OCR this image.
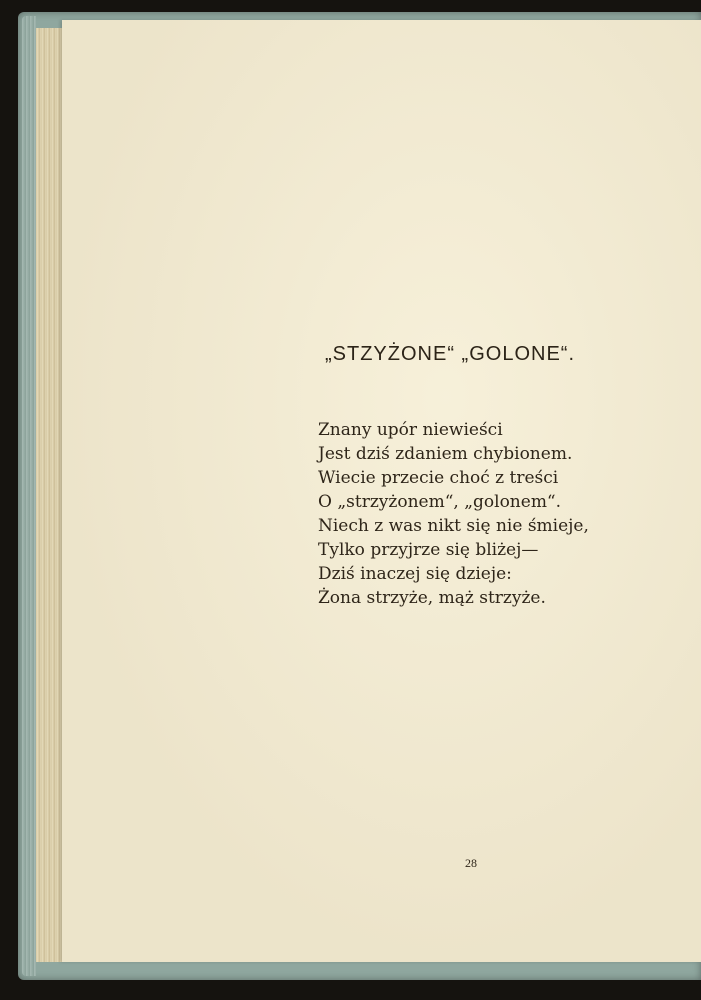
„STZYŻONE“ „GOLONE“.
Znany upór niewieści
Jest dziś zdaniem chybionem.
Wiecie przecie choć z treści
O „strzyżonem“, „golonem“.
Niech z was nikt się nie śmieje,
Tylko przyjrze się bliżej—
Dziś inaczej się dzieje:
Żona strzyże, mąż strzyże.
28
